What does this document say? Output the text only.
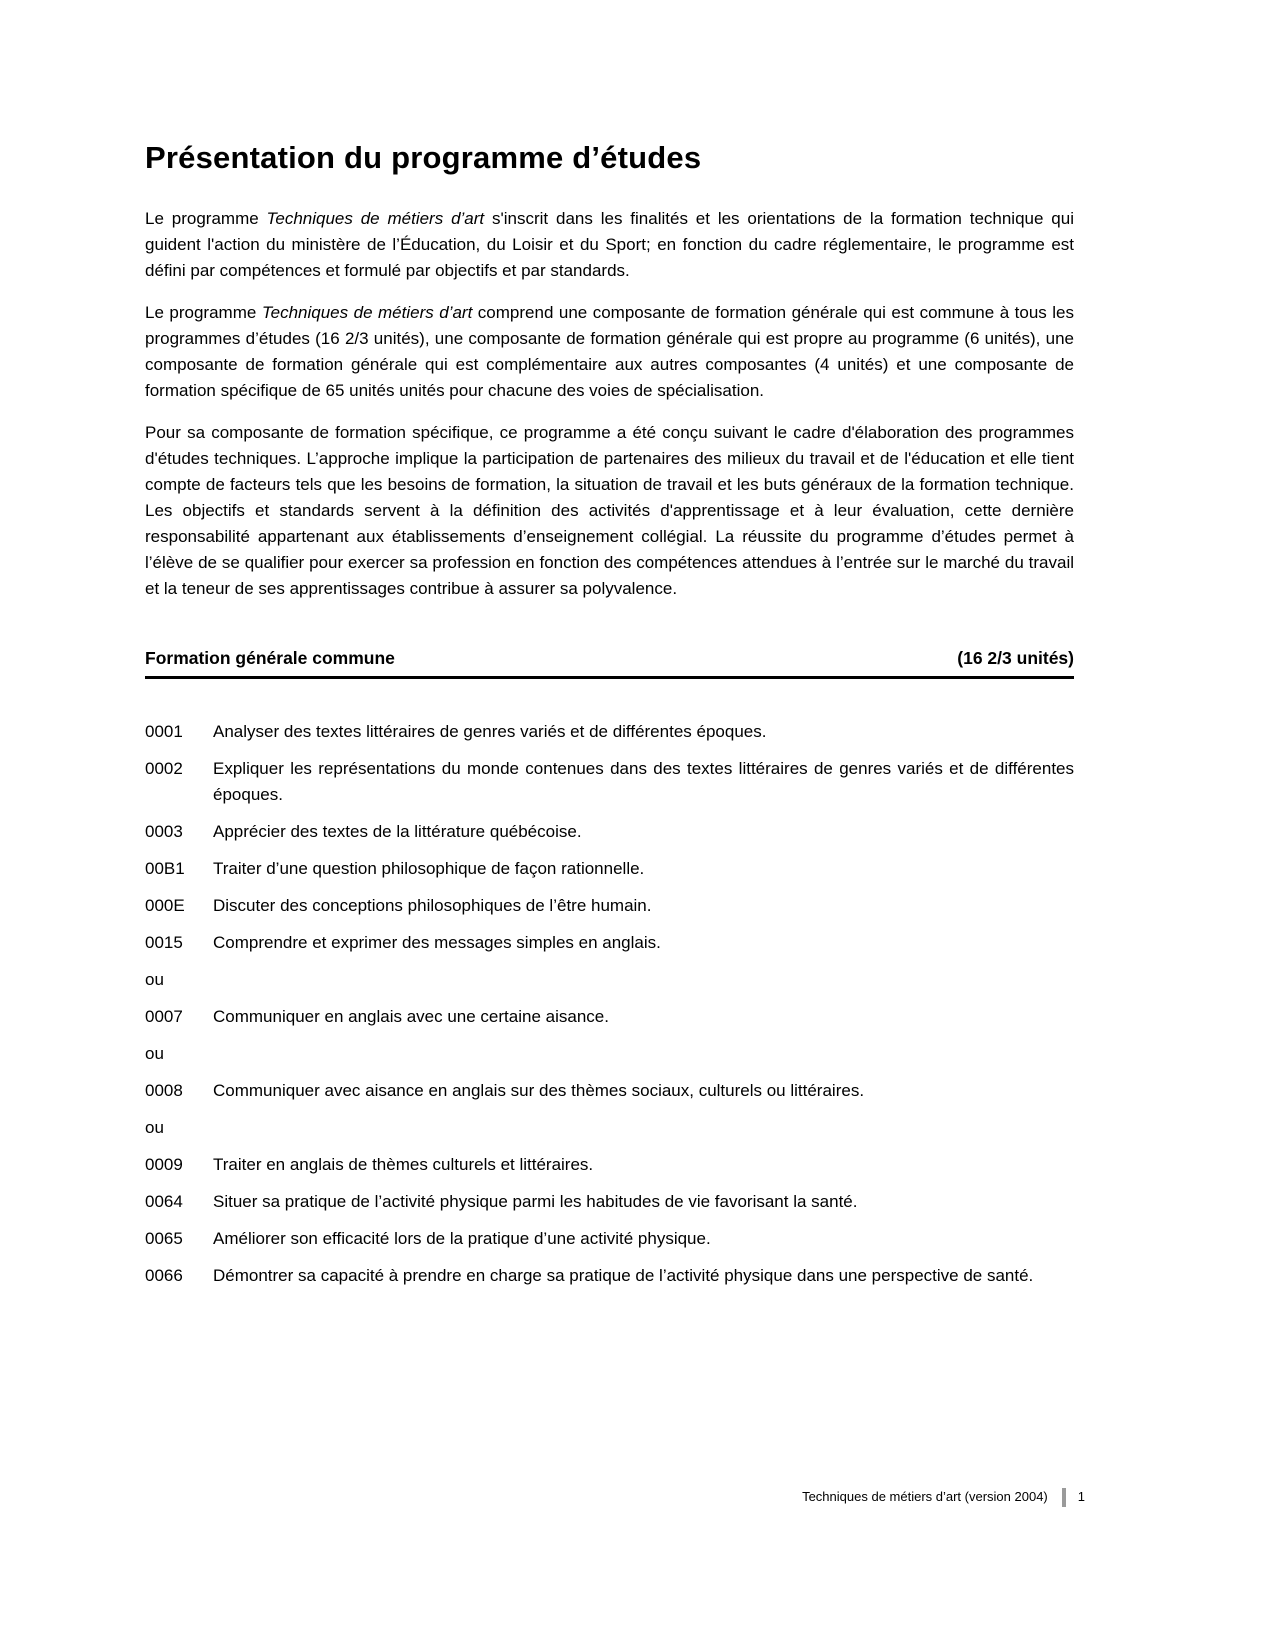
Présentation du programme d’études

Le programme Techniques de métiers d’art s'inscrit dans les finalités et les orientations de la formation technique qui guident l'action du ministère de l’Éducation, du Loisir et du Sport; en fonction du cadre réglementaire, le programme est défini par compétences et formulé par objectifs et par standards.

Le programme Techniques de métiers d’art comprend une composante de formation générale qui est commune à tous les programmes d’études (16 2/3 unités), une composante de formation générale qui est propre au programme (6 unités), une composante de formation générale qui est complémentaire aux autres composantes (4 unités) et une composante de formation spécifique de 65 unités unités pour chacune des voies de spécialisation.

Pour sa composante de formation spécifique, ce programme a été conçu suivant le cadre d'élaboration des programmes d'études techniques. L’approche implique la participation de partenaires des milieux du travail et de l'éducation et elle tient compte de facteurs tels que les besoins de formation, la situation de travail et les buts généraux de la formation technique. Les objectifs et standards servent à la définition des activités d'apprentissage et à leur évaluation, cette dernière responsabilité appartenant aux établissements d’enseignement collégial. La réussite du programme d’études permet à l’élève de se qualifier pour exercer sa profession en fonction des compétences attendues à l’entrée sur le marché du travail et la teneur de ses apprentissages contribue à assurer sa polyvalence.

Formation générale commune	(16 2/3 unités)
0001	Analyser des textes littéraires de genres variés et de différentes époques.
0002	Expliquer les représentations du monde contenues dans des textes littéraires de genres variés et de différentes époques.
0003	Apprécier des textes de la littérature québécoise.
00B1	Traiter d’une question philosophique de façon rationnelle.
000E	Discuter des conceptions philosophiques de l’être humain.
0015	Comprendre et exprimer des messages simples en anglais.
ou
0007	Communiquer en anglais avec une certaine aisance.
ou
0008	Communiquer avec aisance en anglais sur des thèmes sociaux, culturels ou littéraires.
ou
0009	Traiter en anglais de thèmes culturels et littéraires.
0064	Situer sa pratique de l’activité physique parmi les habitudes de vie favorisant la santé.
0065	Améliorer son efficacité lors de la pratique d’une activité physique.
0066	Démontrer sa capacité à prendre en charge sa pratique de l’activité physique dans une perspective de santé.
Techniques de métiers d’art (version 2004) 1
